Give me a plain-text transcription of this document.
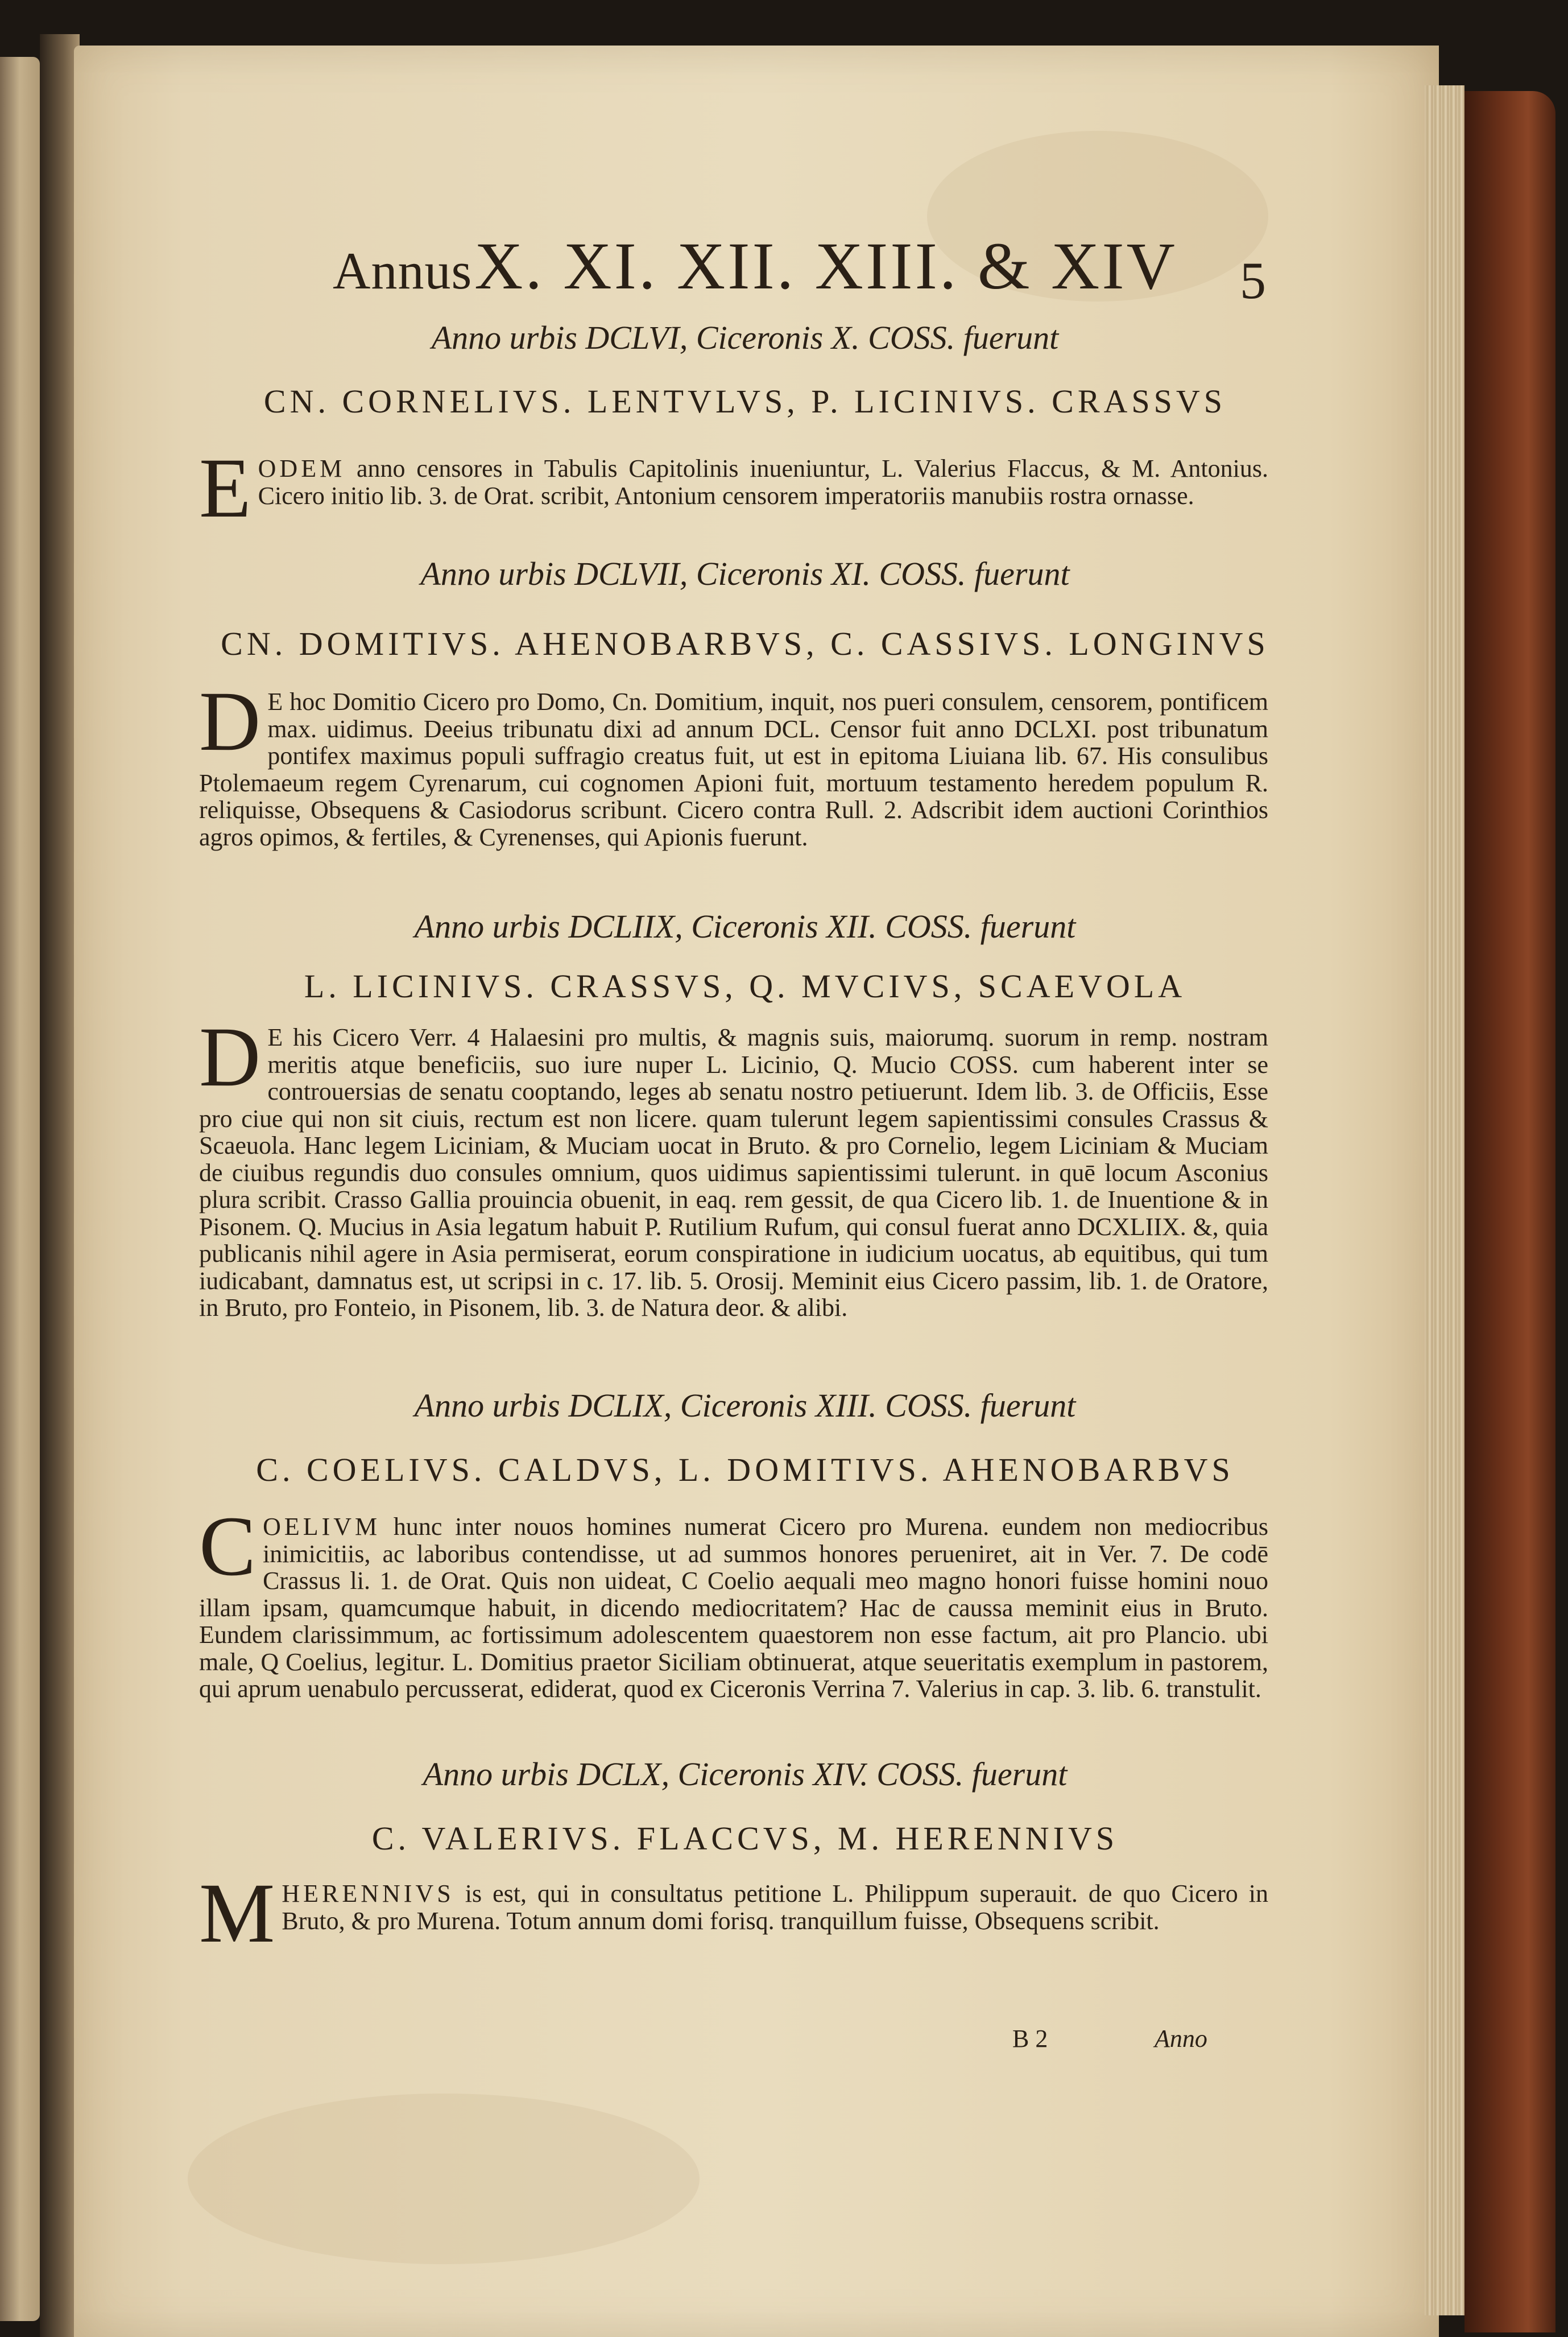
Annus X. XI. XII. XIII. & XIV 5
Anno urbis DCLVI, Ciceronis X. COSS. fuerunt
CN. CORNELIVS. LENTVLVS, P. LICINIVS. CRASSVS
EODEM anno censores in Tabulis Capitolinis inueniuntur, L. Valerius Flaccus, & M. Antonius. Cicero initio lib. 3. de Orat. scribit, Antonium censorem imperatoriis manubiis rostra ornasse.
Anno urbis DCLVII, Ciceronis XI. COSS. fuerunt
CN. DOMITIVS. AHENOBARBVS, C. CASSIVS. LONGINVS
D E hoc Domitio Cicero pro Domo, Cn. Domitium, inquit, nos pueri consulem, censorem, pontificem max. uidimus. Deeius tribunatu dixi ad annum DCL. Censor fuit anno DCLXI. post tribunatum pontifex maximus populi suffragio creatus fuit, ut est in epitoma Liuiana lib. 67. His consulibus Ptolemaeum regem Cyrenarum, cui cognomen Apioni fuit, mortuum testamento heredem populum R. reliquisse, Obsequens & Casiodorus scribunt. Cicero contra Rull. 2. Adscribit idem auctioni Corinthios agros opimos, & fertiles, & Cyrenenses, qui Apionis fuerunt.
Anno urbis DCLIIX, Ciceronis XII. COSS. fuerunt
L. LICINIVS. CRASSVS, Q. MVCIVS, SCAEVOLA
D E his Cicero Verr. 4 Halaesini pro multis, & magnis suis, maiorumq. suorum in remp. nostram meritis atque beneficiis, suo iure nuper L. Licinio, Q. Mucio COSS. cum haberent inter se controuersias de senatu cooptando, leges ab senatu nostro petiuerunt. Idem lib. 3. de Officiis, Esse pro ciue qui non sit ciuis, rectum est non licere. quam tulerunt legem sapientissimi consules Crassus & Scaeuola. Hanc legem Liciniam, & Muciam uocat in Bruto. & pro Cornelio, legem Liciniam & Muciam de ciuibus regundis duo consules omnium, quos uidimus sapientissimi tulerunt. in quē locum Asconius plura scribit. Crasso Gallia prouincia obuenit, in eaq. rem gessit, de qua Cicero lib. 1. de Inuentione & in Pisonem. Q. Mucius in Asia legatum habuit P. Rutilium Rufum, qui consul fuerat anno DCXLIIX. &, quia publicanis nihil agere in Asia permiserat, eorum conspiratione in iudicium uocatus, ab equitibus, qui tum iudicabant, damnatus est, ut scripsi in c. 17. lib. 5. Orosij. Meminit eius Cicero passim, lib. 1. de Oratore, in Bruto, pro Fonteio, in Pisonem, lib. 3. de Natura deor. & alibi.
Anno urbis DCLIX, Ciceronis XIII. COSS. fuerunt
C. COELIVS. CALDVS, L. DOMITIVS. AHENOBARBVS
COELIVM hunc inter nouos homines numerat Cicero pro Murena. eundem non mediocribus inimicitiis, ac laboribus contendisse, ut ad summos honores perueniret, ait in Ver. 7. De codē Crassus li. 1. de Orat. Quis non uideat, C Coelio aequali meo magno honori fuisse homini nouo illam ipsam, quamcumque habuit, in dicendo mediocritatem? Hac de caussa meminit eius in Bruto. Eundem clarissimmum, ac fortissimum adolescentem quaestorem non esse factum, ait pro Plancio. ubi male, Q Coelius, legitur. L. Domitius praetor Siciliam obtinuerat, atque seueritatis exemplum in pastorem, qui aprum uenabulo percusserat, ediderat, quod ex Ciceronis Verrina 7. Valerius in cap. 3. lib. 6. transtulit.
Anno urbis DCLX, Ciceronis XIV. COSS. fuerunt
C. VALERIVS. FLACCVS, M. HERENNIVS
MHERENNIVS is est, qui in consultatus petitione L. Philippum superauit. de quo Cicero in Bruto, & pro Murena. Totum annum domi forisq. tranquillum fuisse, Obsequens scribit.
B 2	Anno
